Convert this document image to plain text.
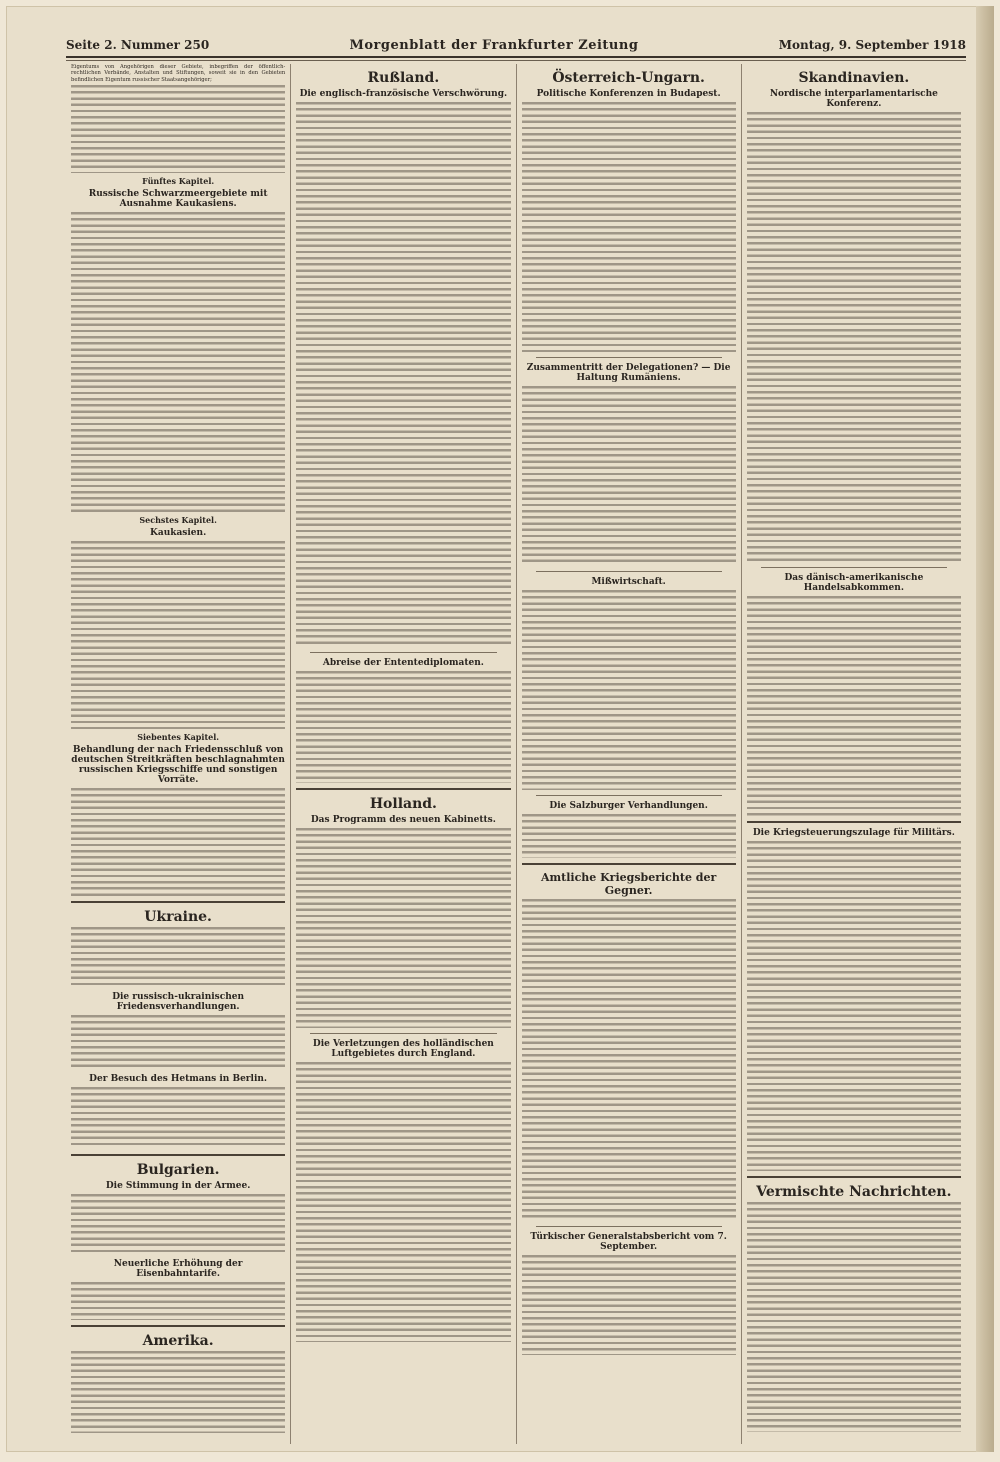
Seite 2. Nummer 250	Morgenblatt der Frankfurter Zeitung	Montag, 9. September 1918

Eigentums von Angehörigen dieser Gebiete, inbegriffen der öffentlich-rechtlichen Verbände, Anstalten und Stiftungen, soweit sie in den Gebieten befindlichen Eigentum russischer Staatsangehöriger;

Fünftes Kapitel.
Russische Schwarzmeergebiete mit Ausnahme Kaukasiens.
Sechstes Kapitel.
Kaukasien.
Siebentes Kapitel.
Behandlung der nach Friedensschluß von deutschen Streitkräften beschlagnahmten russischen Kriegsschiffe und sonstigen Vorräte.
Ukraine.
Die russisch-ukrainischen Friedensverhandlungen.
Der Besuch des Hetmans in Berlin.
Bulgarien.
Die Stimmung in der Armee.
Neuerliche Erhöhung der Eisenbahntarife.
Amerika.
Rußland.
Die englisch-französische Verschwörung.
Abreise der Ententediplomaten.
Holland.
Das Programm des neuen Kabinetts.
Die Verletzungen des holländischen Luftgebietes durch England.
Österreich-Ungarn.
Politische Konferenzen in Budapest.
Zusammentritt der Delegationen? — Die Haltung Rumäniens.
Mißwirtschaft.
Die Salzburger Verhandlungen.
Amtliche Kriegsberichte der Gegner.
Türkischer Generalstabsbericht vom 7. September.
Skandinavien.
Nordische interparlamentarische Konferenz.
Das dänisch-amerikanische Handelsabkommen.
Die Kriegsteuerungszulage für Militärs.
Vermischte Nachrichten.
